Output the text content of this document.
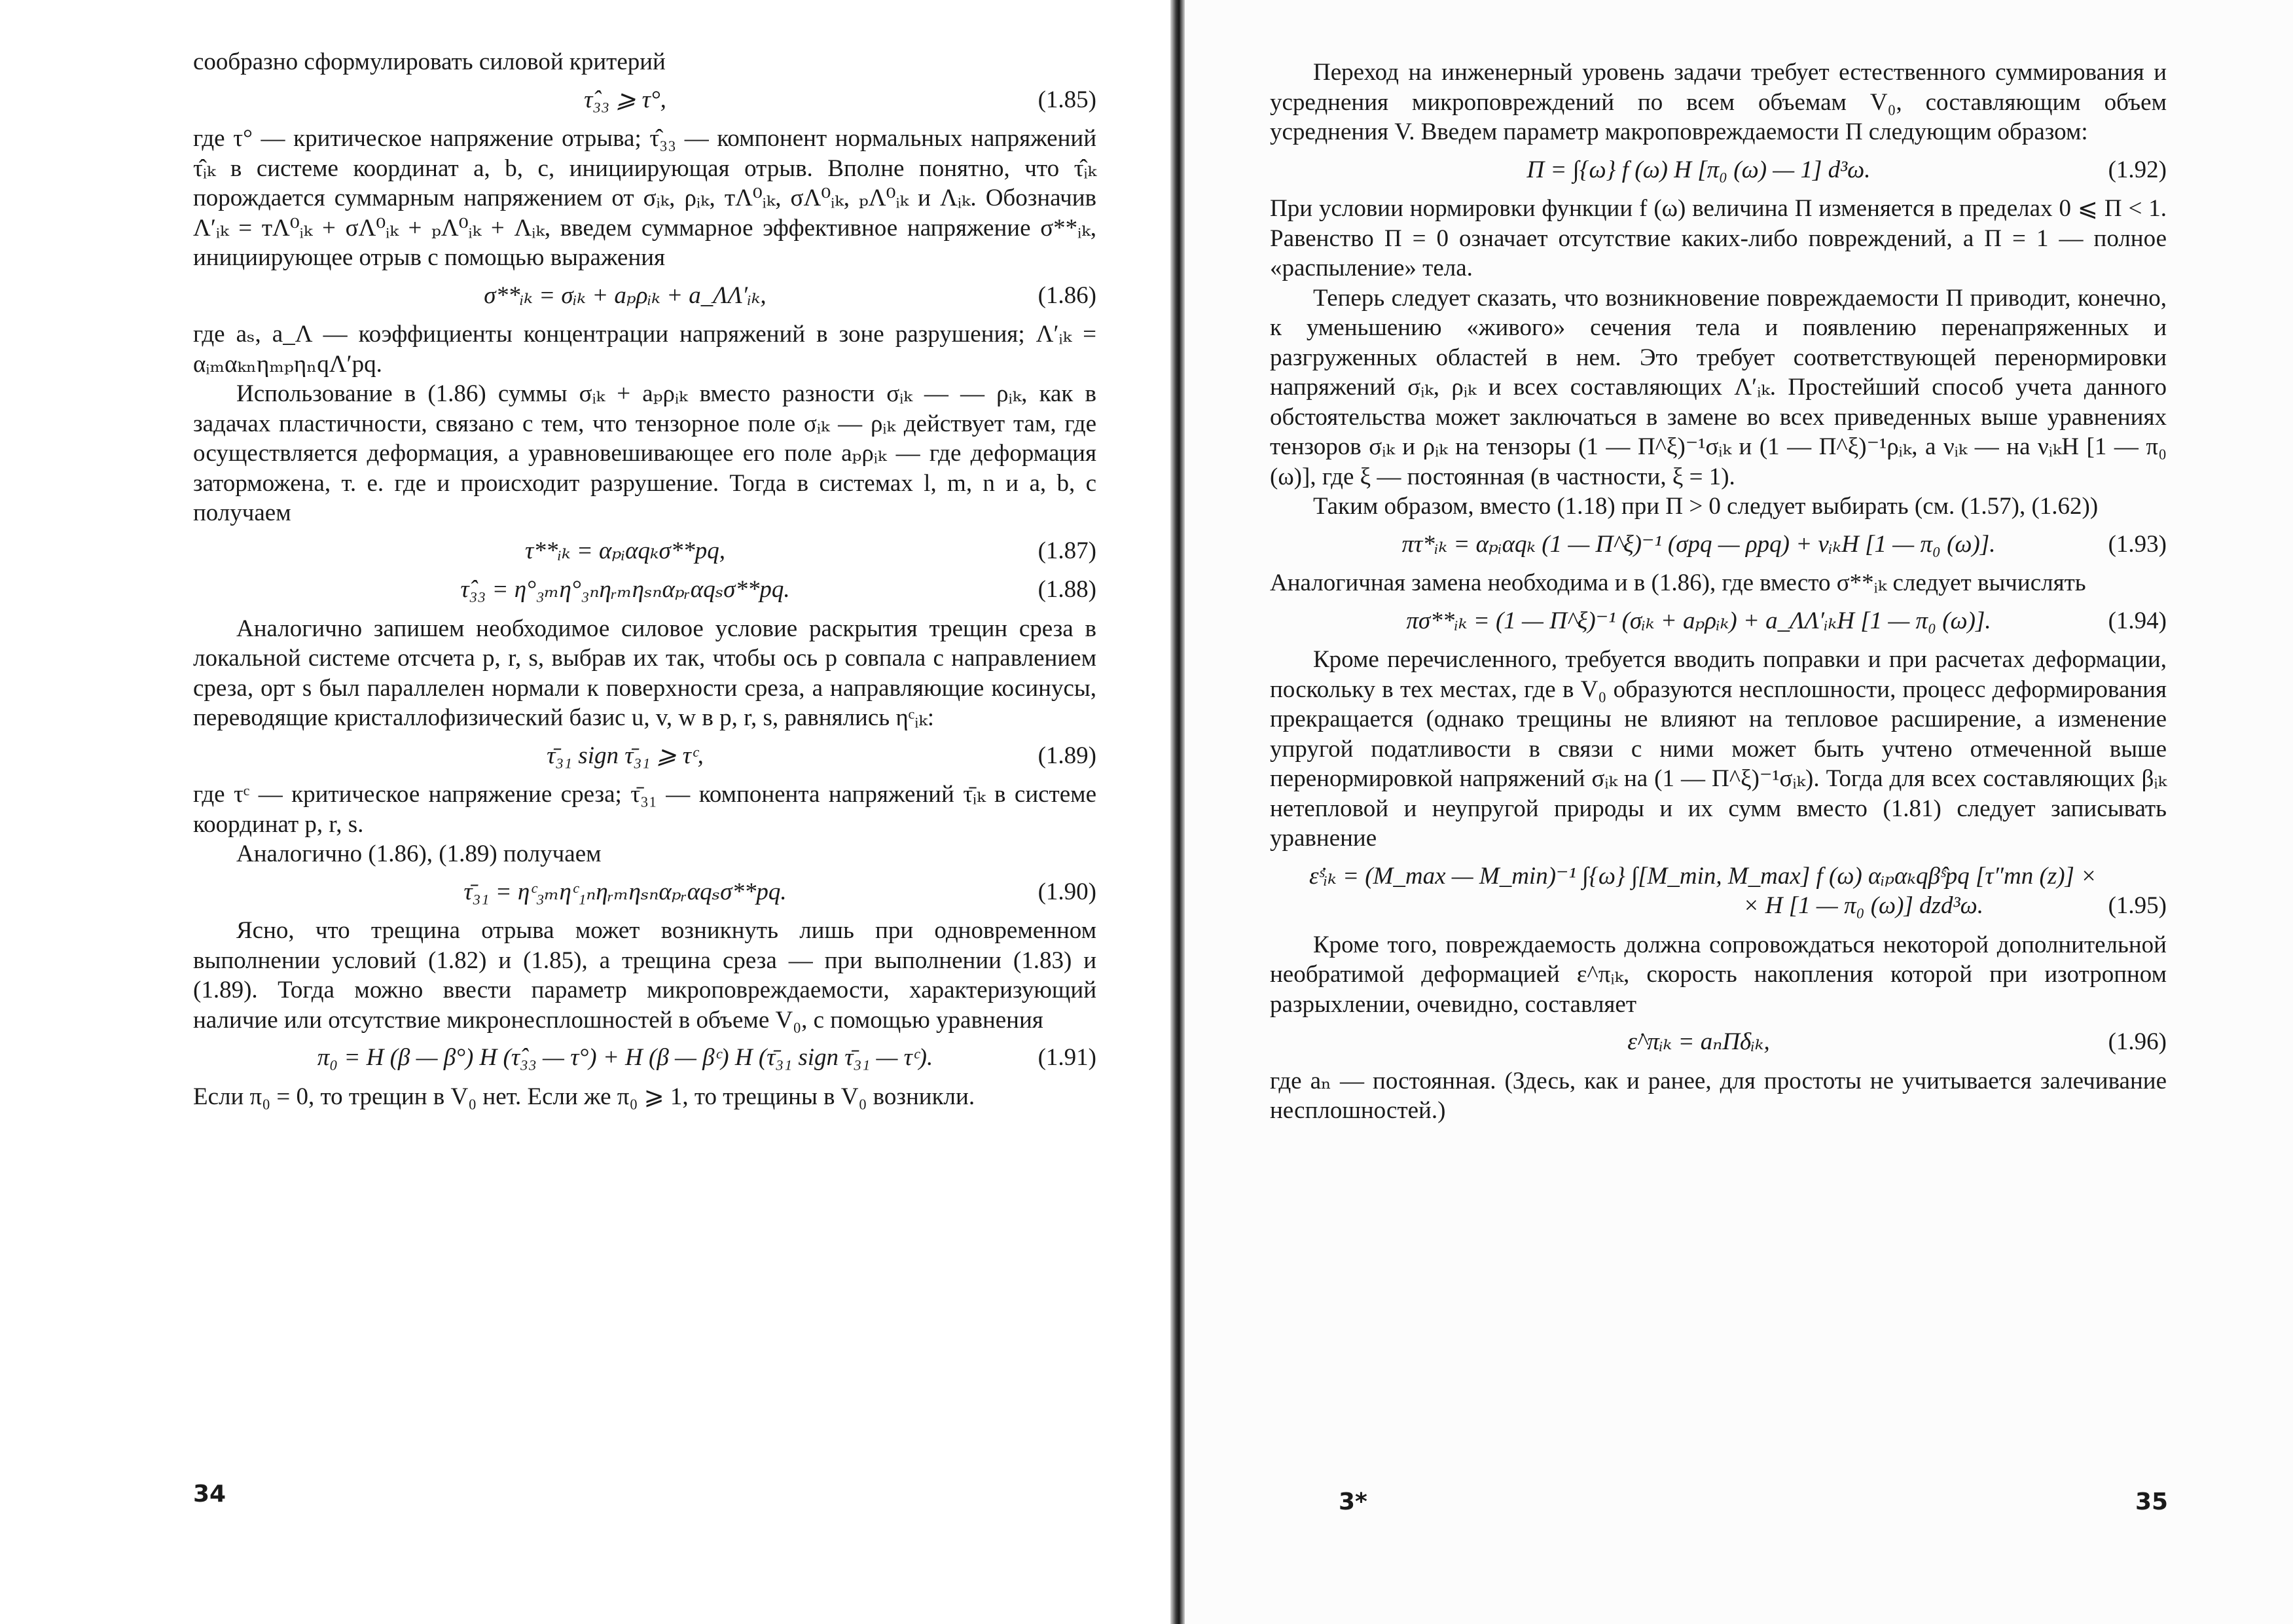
сообразно сформулировать силовой критерий

τ̂₃₃ ⩾ τ°,	(1.85)

где τ° — критическое напряжение отрыва; τ̂₃₃ — компонент нормальных напряжений τ̂ᵢₖ в системе координат a, b, c, инициирующая отрыв. Вполне понятно, что τ̂ᵢₖ порождается суммарным напряжением от σᵢₖ, ρᵢₖ, ᴛΛ⁰ᵢₖ, σΛ⁰ᵢₖ, ₚΛ⁰ᵢₖ и Λᵢₖ. Обозначив Λ′ᵢₖ = ᴛΛ⁰ᵢₖ + σΛ⁰ᵢₖ + ₚΛ⁰ᵢₖ + Λᵢₖ, введем суммарное эффективное напряжение σ**ᵢₖ, инициирующее отрыв с помощью выражения

σ**ᵢₖ = σᵢₖ + aₚρᵢₖ + a_ΛΛ′ᵢₖ,	(1.86)

где aₛ, a_Λ — коэффициенты концентрации напряжений в зоне разрушения; Λ′ᵢₖ = αᵢₘαₖₙηₘₚηₙqΛ′pq.

Использование в (1.86) суммы σᵢₖ + aₚρᵢₖ вместо разности σᵢₖ — — ρᵢₖ, как в задачах пластичности, связано с тем, что тензорное поле σᵢₖ — ρᵢₖ действует там, где осуществляется деформация, а уравновешивающее его поле aₚρᵢₖ — где деформация заторможена, т. е. где и происходит разрушение. Тогда в системах l, m, n и a, b, c получаем

τ**ᵢₖ = αₚᵢαqₖσ**pq,	(1.87)
τ̂₃₃ = η°₃ₘη°₃ₙηᵣₘηₛₙαₚᵣαqₛσ**pq.	(1.88)

Аналогично запишем необходимое силовое условие раскрытия трещин среза в локальной системе отсчета p, r, s, выбрав их так, чтобы ось p совпала с направлением среза, орт s был параллелен нормали к поверхности среза, а направляющие косинусы, переводящие кристаллофизический базис u, v, w в p, r, s, равнялись ηᶜᵢₖ:

τ̄₃₁ sign τ̄₃₁ ⩾ τᶜ,	(1.89)

где τᶜ — критическое напряжение среза; τ̄₃₁ — компонента напряжений τ̄ᵢₖ в системе координат p, r, s.

Аналогично (1.86), (1.89) получаем

τ̄₃₁ = ηᶜ₃ₘηᶜ₁ₙηᵣₘηₛₙαₚᵣαqₛσ**pq.	(1.90)

Ясно, что трещина отрыва может возникнуть лишь при одновременном выполнении условий (1.82) и (1.85), а трещина среза — при выполнении (1.83) и (1.89). Тогда можно ввести параметр микроповреждаемости, характеризующий наличие или отсутствие микронесплошностей в объеме V₀, с помощью уравнения

π₀ = H (β — β°) H (τ̂₃₃ — τ°) + H (β — βᶜ) H (τ̄₃₁ sign τ̄₃₁ — τᶜ).	(1.91)

Если π₀ = 0, то трещин в V₀ нет. Если же π₀ ⩾ 1, то трещины в V₀ возникли.

34

Переход на инженерный уровень задачи требует естественного суммирования и усреднения микроповреждений по всем объемам V₀, составляющим объем усреднения V. Введем параметр макроповреждаемости П следующим образом:

П = ∫{ω} f (ω) H [π₀ (ω) — 1] d³ω.	(1.92)

При условии нормировки функции f (ω) величина П изменяется в пределах 0 ⩽ П < 1. Равенство П = 0 означает отсутствие каких-либо повреждений, а П = 1 — полное «распыление» тела.

Теперь следует сказать, что возникновение повреждаемости П приводит, конечно, к уменьшению «живого» сечения тела и появлению перенапряженных и разгруженных областей в нем. Это требует соответствующей перенормировки напряжений σᵢₖ, ρᵢₖ и всех составляющих Λ′ᵢₖ. Простейший способ учета данного обстоятельства может заключаться в замене во всех приведенных выше уравнениях тензоров σᵢₖ и ρᵢₖ на тензоры (1 — П^ξ)⁻¹σᵢₖ и (1 — П^ξ)⁻¹ρᵢₖ, а νᵢₖ — на νᵢₖH [1 — π₀ (ω)], где ξ — постоянная (в частности, ξ = 1).

Таким образом, вместо (1.18) при П > 0 следует выбирать (см. (1.57), (1.62))

πτ*ᵢₖ = αₚᵢαqₖ (1 — П^ξ)⁻¹ (σpq — ρpq) + νᵢₖH [1 — π₀ (ω)].	(1.93)

Аналогичная замена необходима и в (1.86), где вместо σ**ᵢₖ следует вычислять

πσ**ᵢₖ = (1 — П^ξ)⁻¹ (σᵢₖ + aₚρᵢₖ) + a_ΛΛ′ᵢₖH [1 — π₀ (ω)].	(1.94)

Кроме перечисленного, требуется вводить поправки и при расчетах деформации, поскольку в тех местах, где в V₀ образуются несплошности, процесс деформирования прекращается (однако трещины не влияют на тепловое расширение, а изменение упругой податливости в связи с ними может быть учтено отмеченной выше перенормировкой напряжений σᵢₖ на (1 — П^ξ)⁻¹σᵢₖ). Тогда для всех составляющих βᵢₖ нетепловой и неупругой природы и их сумм вместо (1.81) следует записывать уравнение

ε̇ˢᵢₖ = (M_max — M_min)⁻¹ ∫{ω} ∫[M_min, M_max] f (ω) αᵢₚαₖqβ̂ˢpq [τ″mn (z)] ×
× H [1 — π₀ (ω)] dzd³ω.	(1.95)

Кроме того, повреждаемость должна сопровождаться некоторой дополнительной необратимой деформацией ε^πᵢₖ, скорость накопления которой при изотропном разрыхлении, очевидно, составляет

ε̇^πᵢₖ = aₙП̇δᵢₖ,	(1.96)

где aₙ — постоянная. (Здесь, как и ранее, для простоты не учитывается залечивание несплошностей.)

3*	35
